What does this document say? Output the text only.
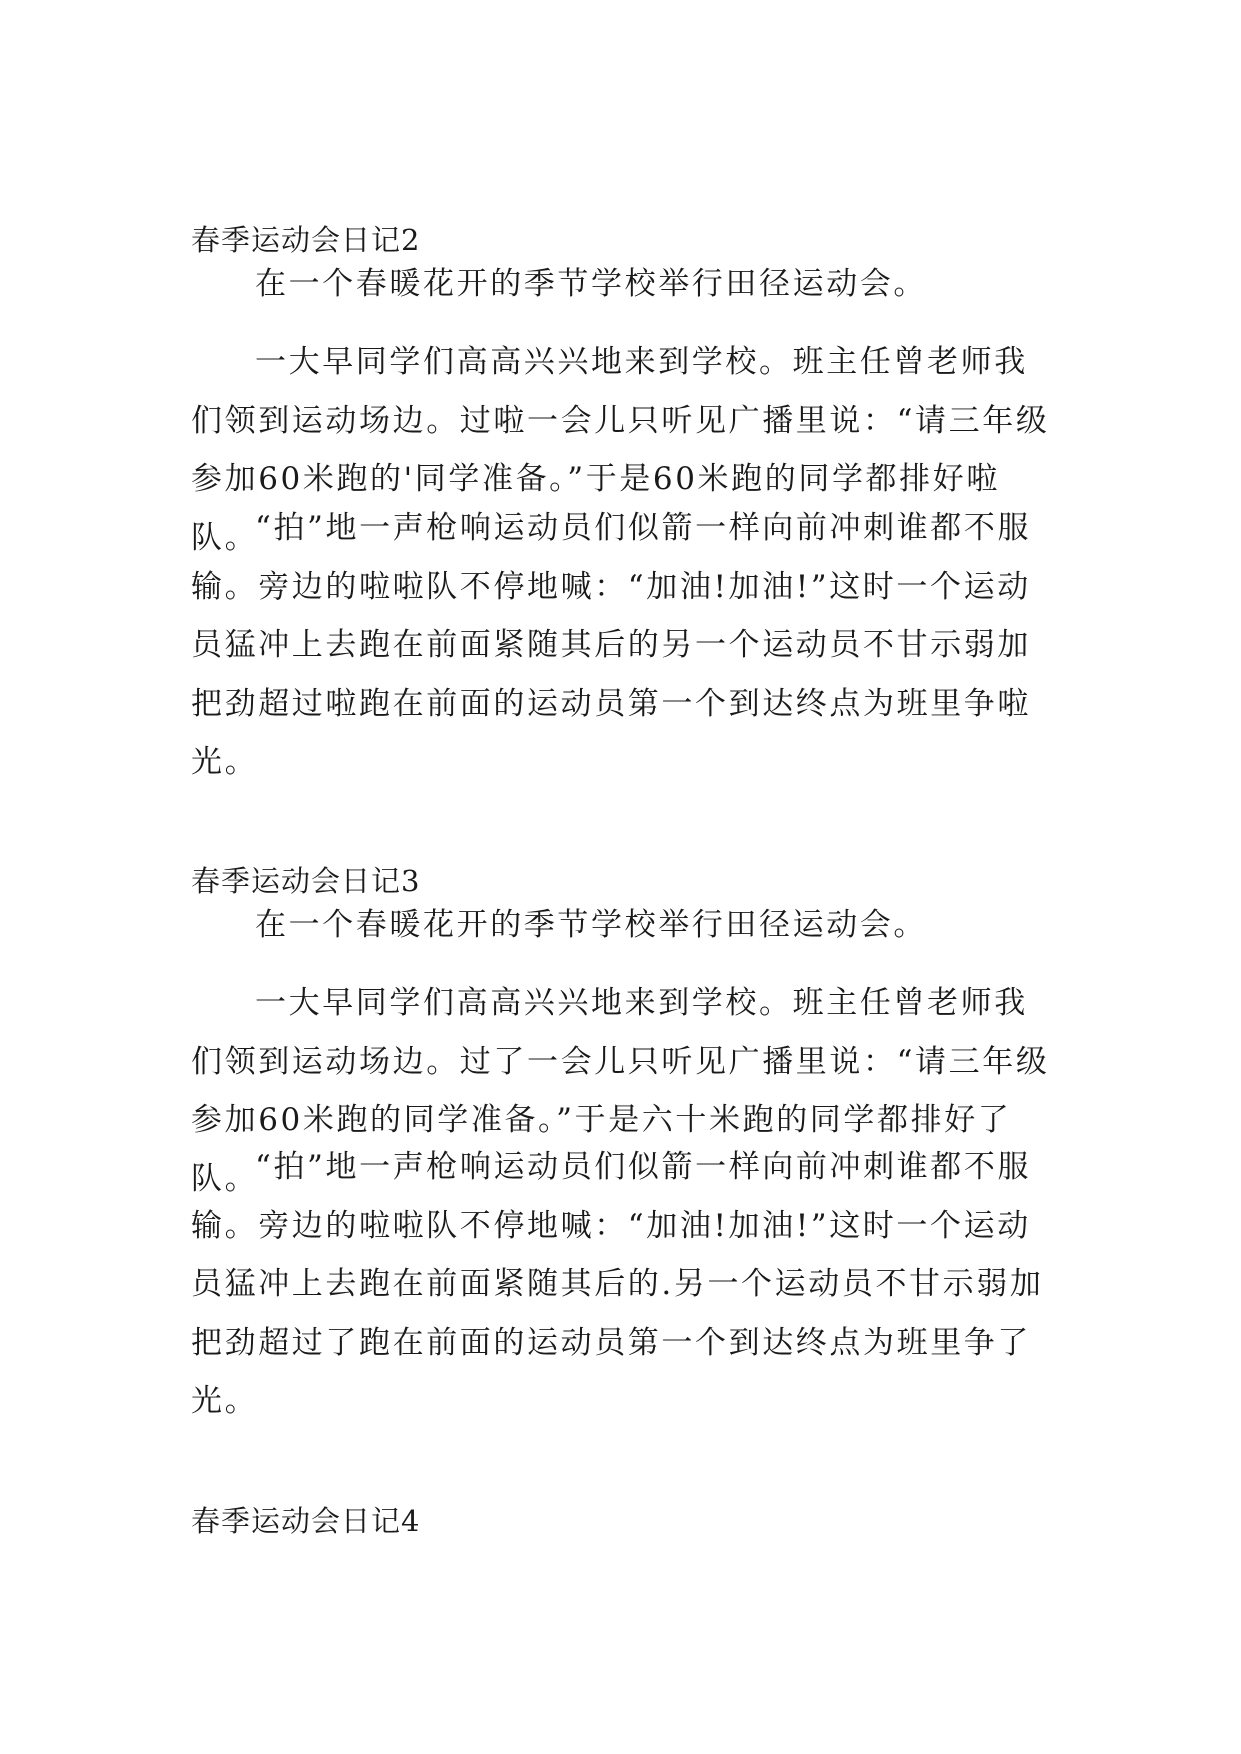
春季运动会日记2

在一个春暖花开的季节学校举行田径运动会。

一大早同学们高高兴兴地来到学校。班主任曾老师我们领到运动场边。过啦一会儿只听见广播里说：“请三年级参加60米跑的'同学准备。”于是60米跑的同学都排好啦队。

“拍”地一声枪响运动员们似箭一样向前冲刺谁都不服输。旁边的啦啦队不停地喊：“加油!加油!”这时一个运动员猛冲上去跑在前面紧随其后的另一个运动员不甘示弱加把劲超过啦跑在前面的运动员第一个到达终点为班里争啦光。

春季运动会日记3

在一个春暖花开的季节学校举行田径运动会。

一大早同学们高高兴兴地来到学校。班主任曾老师我们领到运动场边。过了一会儿只听见广播里说：“请三年级参加60米跑的同学准备。”于是六十米跑的同学都排好了队。

“拍”地一声枪响运动员们似箭一样向前冲刺谁都不服输。旁边的啦啦队不停地喊：“加油!加油!”这时一个运动员猛冲上去跑在前面紧随其后的.另一个运动员不甘示弱加把劲超过了跑在前面的运动员第一个到达终点为班里争了光。

春季运动会日记4
